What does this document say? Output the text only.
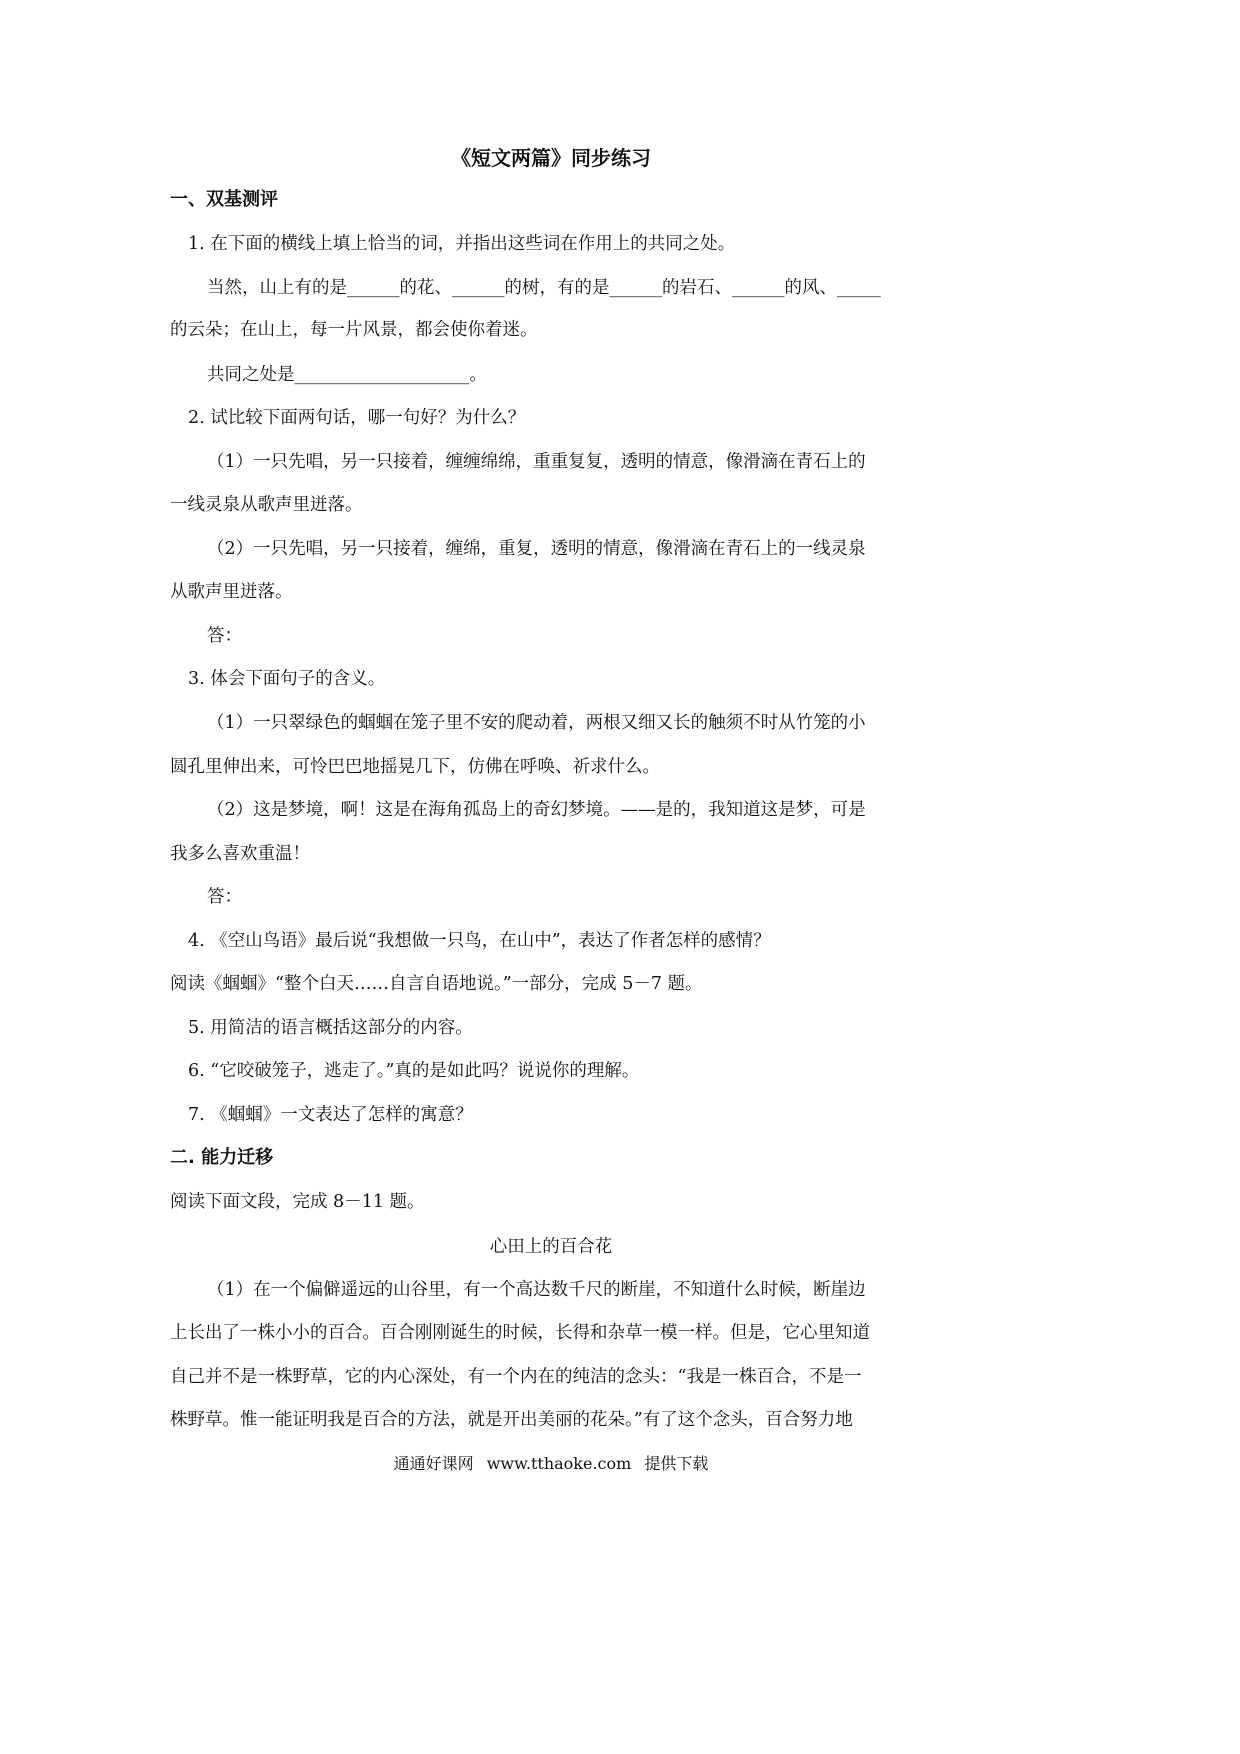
《短文两篇》同步练习
一、双基测评
1. 在下面的横线上填上恰当的词，并指出这些词在作用上的共同之处。
当然，山上有的是______的花、______的树，有的是______的岩石、______的风、_____
的云朵；在山上，每一片风景，都会使你着迷。
共同之处是____________________。
2. 试比较下面两句话，哪一句好？为什么？
（1）一只先唱，另一只接着，缠缠绵绵，重重复复，透明的情意，像滑滴在青石上的
一线灵泉从歌声里迸落。
（2）一只先唱，另一只接着，缠绵，重复，透明的情意，像滑滴在青石上的一线灵泉
从歌声里迸落。
答：
3. 体会下面句子的含义。
（1）一只翠绿色的蝈蝈在笼子里不安的爬动着，两根又细又长的触须不时从竹笼的小
圆孔里伸出来，可怜巴巴地摇晃几下，仿佛在呼唤、祈求什么。
（2）这是梦境，啊！这是在海角孤岛上的奇幻梦境。——是的，我知道这是梦，可是
我多么喜欢重温！
答：
4. 《空山鸟语》最后说“我想做一只鸟，在山中”，表达了作者怎样的感情？
阅读《蝈蝈》“整个白天……自言自语地说。”一部分，完成 5－7 题。
5. 用简洁的语言概括这部分的内容。
6. “它咬破笼子，逃走了。”真的是如此吗？说说你的理解。
7. 《蝈蝈》一文表达了怎样的寓意？
二. 能力迁移
阅读下面文段，完成 8－11 题。
心田上的百合花
（1）在一个偏僻遥远的山谷里，有一个高达数千尺的断崖，不知道什么时候，断崖边
上长出了一株小小的百合。百合刚刚诞生的时候，长得和杂草一模一样。但是，它心里知道
自己并不是一株野草，它的内心深处，有一个内在的纯洁的念头：“我是一株百合，不是一
株野草。惟一能证明我是百合的方法，就是开出美丽的花朵。”有了这个念头，百合努力地
通通好课网 www.tthaoke.com 提供下载
